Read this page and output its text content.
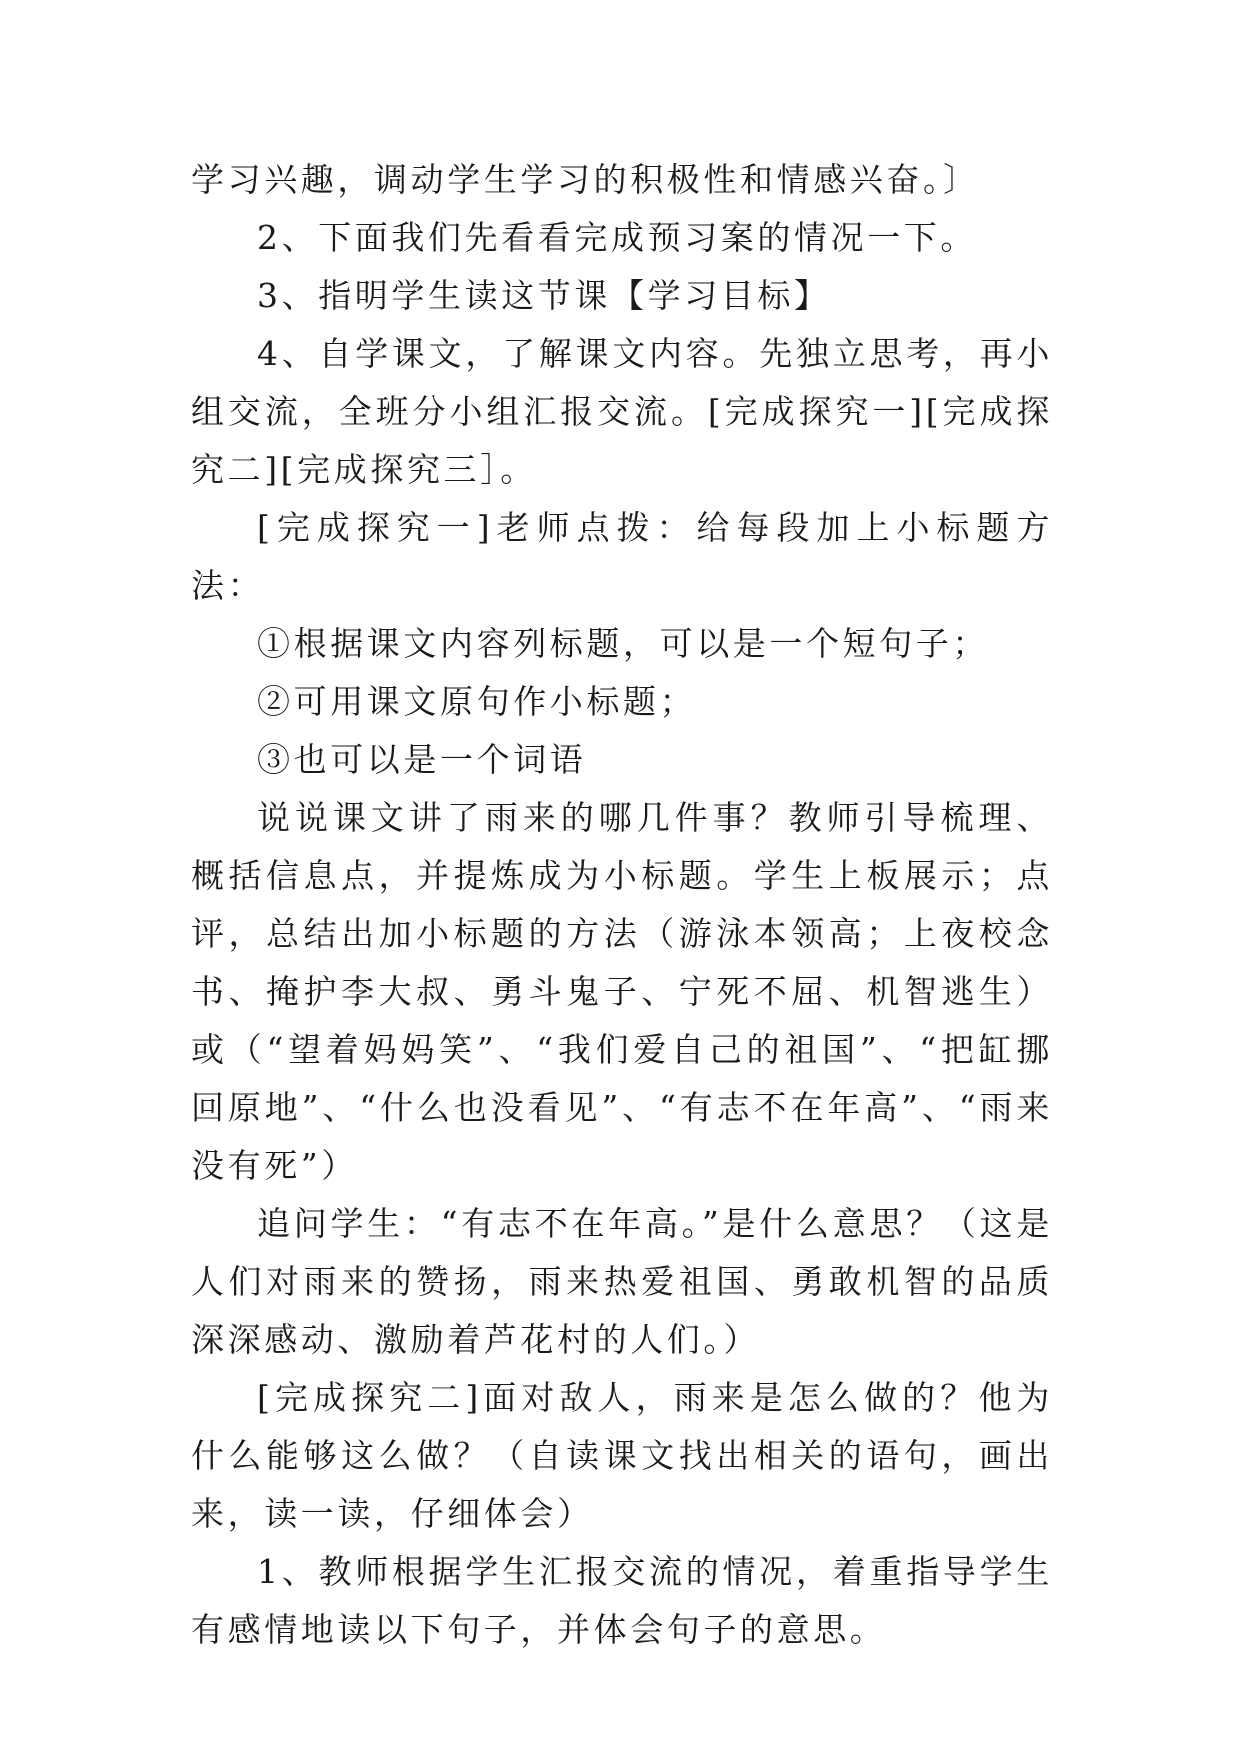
学习兴趣，调动学生学习的积极性和情感兴奋。〕

2、下面我们先看看完成预习案的情况一下。

3、指明学生读这节课【学习目标】

4、自学课文，了解课文内容。先独立思考，再小组交流，全班分小组汇报交流。[完成探究一][完成探究二][完成探究三］。

[完成探究一]老师点拨：给每段加上小标题方法：

①根据课文内容列标题，可以是一个短句子；

②可用课文原句作小标题；

③也可以是一个词语

说说课文讲了雨来的哪几件事？教师引导梳理、概括信息点，并提炼成为小标题。学生上板展示；点评，总结出加小标题的方法（游泳本领高；上夜校念书、掩护李大叔、勇斗鬼子、宁死不屈、机智逃生）或（“望着妈妈笑”、“我们爱自己的祖国”、“把缸挪回原地”、“什么也没看见”、“有志不在年高”、“雨来没有死”）

追问学生：“有志不在年高。”是什么意思？（这是人们对雨来的赞扬，雨来热爱祖国、勇敢机智的品质深深感动、激励着芦花村的人们。）

[完成探究二]面对敌人，雨来是怎么做的？他为什么能够这么做？（自读课文找出相关的语句，画出来，读一读，仔细体会）

1、教师根据学生汇报交流的情况，着重指导学生有感情地读以下句子，并体会句子的意思。
